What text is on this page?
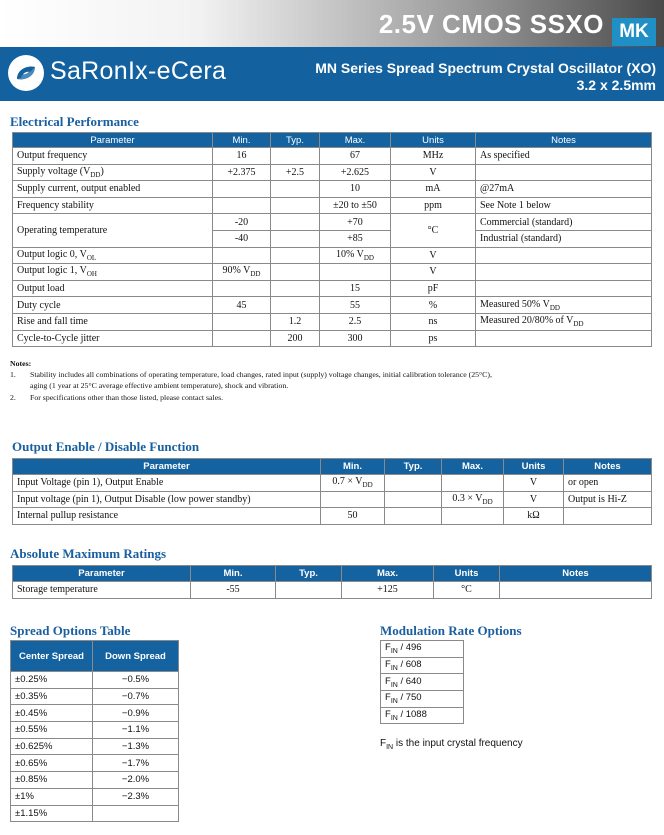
2.5V CMOS SSXO MK
SaRonIx-eCera	MN Series Spread Spectrum Crystal Oscillator (XO)
3.2 x 2.5mm
Electrical Performance
Parameter	Min.	Typ.	Max.	Units	Notes
Output frequency	16		67	MHz	As specified
Supply voltage $(V_{DD})$	+2.375	+2.5	+2.625	V	
Supply current, output enabled			10	mA	@27mA
Frequency stability			±20 to ±50	ppm	See Note 1 below
Operating temperature	-20		+70	°C	Commercial (standard)
	-40		+85		Industrial (standard)
Output logic 0, $V_{OL}$			10% $V_{DD}$	V	
Output logic 1, $V_{OH}$	90% $V_{DD}$			V	
Output load			15	pF	
Duty cycle	45		55	%	Measured 50% $V_{DD}$
Rise and fall time		1.2	2.5	ns	Measured 20/80% of $V_{DD}$
Cycle-to-Cycle jitter		200	300	ps	
Notes:
1. Stability includes all combinations of operating temperature, load changes, rated input (supply) voltage changes, initial calibration tolerance (25°C),
aging (1 year at 25°C average effective ambient temperature), shock and vibration.
2. For specifications other than those listed, please contact sales.
Output Enable / Disable Function
Parameter	Min.	Typ.	Max.	Units	Notes
Input Voltage (pin 1), Output Enable	$0.7 \times V_{DD}$			V	or open
Input voltage (pin 1), Output Disable (low power standby)			$0.3 \times V_{DD}$	V	Output is Hi-Z
Internal pullup resistance	50			kΩ	
Absolute Maximum Ratings
Parameter	Min.	Typ.	Max.	Units	Notes
Storage temperature	-55		+125	°C	
Spread Options Table
Center Spread	Down Spread
±0.25%	−0.5%
±0.35%	−0.7%
±0.45%	−0.9%
±0.55%	−1.1%
±0.625%	−1.3%
±0.65%	−1.7%
±0.85%	−2.0%
±1%	−2.3%
±1.15%	
Modulation Rate Options
$F_{IN} / 496$
$F_{IN} / 608$
$F_{IN} / 640$
$F_{IN} / 750$
$F_{IN} / 1088$
$F_{IN}$ is the input crystal frequency
